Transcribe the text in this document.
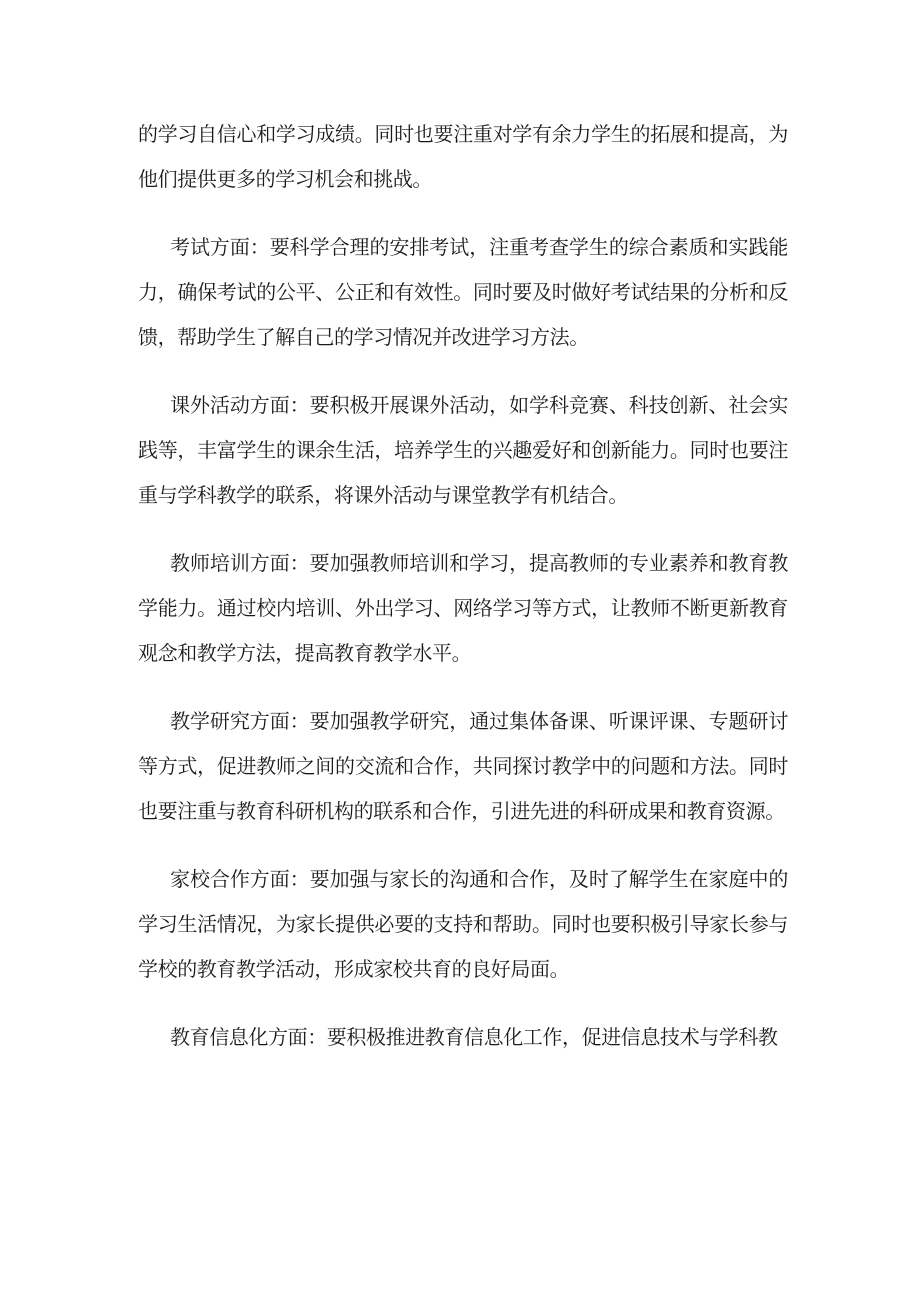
的学习自信心和学习成绩。同时也要注重对学有余力学生的拓展和提高，为他们提供更多的学习机会和挑战。

考试方面：要科学合理的安排考试，注重考查学生的综合素质和实践能力，确保考试的公平、公正和有效性。同时要及时做好考试结果的分析和反馈，帮助学生了解自己的学习情况并改进学习方法。

课外活动方面：要积极开展课外活动，如学科竞赛、科技创新、社会实践等，丰富学生的课余生活，培养学生的兴趣爱好和创新能力。同时也要注重与学科教学的联系，将课外活动与课堂教学有机结合。

教师培训方面：要加强教师培训和学习，提高教师的专业素养和教育教学能力。通过校内培训、外出学习、网络学习等方式，让教师不断更新教育观念和教学方法，提高教育教学水平。

教学研究方面：要加强教学研究，通过集体备课、听课评课、专题研讨等方式，促进教师之间的交流和合作，共同探讨教学中的问题和方法。同时也要注重与教育科研机构的联系和合作，引进先进的科研成果和教育资源。

家校合作方面：要加强与家长的沟通和合作，及时了解学生在家庭中的学习生活情况，为家长提供必要的支持和帮助。同时也要积极引导家长参与学校的教育教学活动，形成家校共育的良好局面。

教育信息化方面：要积极推进教育信息化工作，促进信息技术与学科教
